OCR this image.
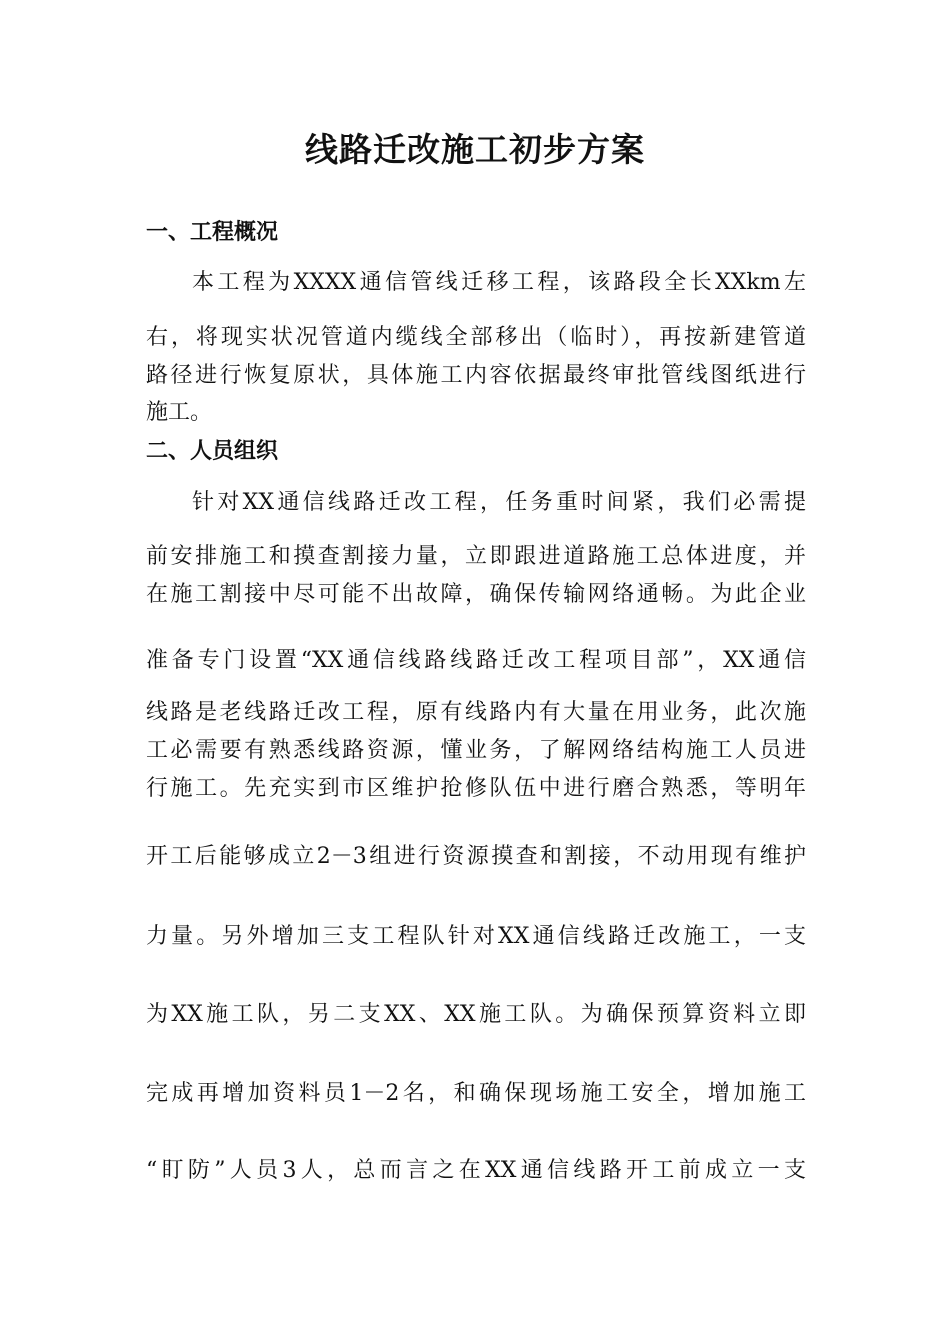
线路迁改施工初步方案
一、工程概况
本工程为XXXX通信管线迁移工程，该路段全长XXkm左
右，将现实状况管道内缆线全部移出（临时），再按新建管道
路径进行恢复原状，具体施工内容依据最终审批管线图纸进行
施工。
二、人员组织
针对XX通信线路迁改工程，任务重时间紧，我们必需提
前安排施工和摸查割接力量，立即跟进道路施工总体进度，并
在施工割接中尽可能不出故障，确保传输网络通畅。为此企业
准备专门设置“XX通信线路线路迁改工程项目部”，XX通信
线路是老线路迁改工程，原有线路内有大量在用业务，此次施
工必需要有熟悉线路资源，懂业务，了解网络结构施工人员进
行施工。先充实到市区维护抢修队伍中进行磨合熟悉，等明年
开工后能够成立2－3组进行资源摸查和割接，不动用现有维护
力量。另外增加三支工程队针对XX通信线路迁改施工，一支
为XX施工队，另二支XX、XX施工队。为确保预算资料立即
完成再增加资料员1－2名，和确保现场施工安全，增加施工
“盯防”人员3人，总而言之在XX通信线路开工前成立一支
